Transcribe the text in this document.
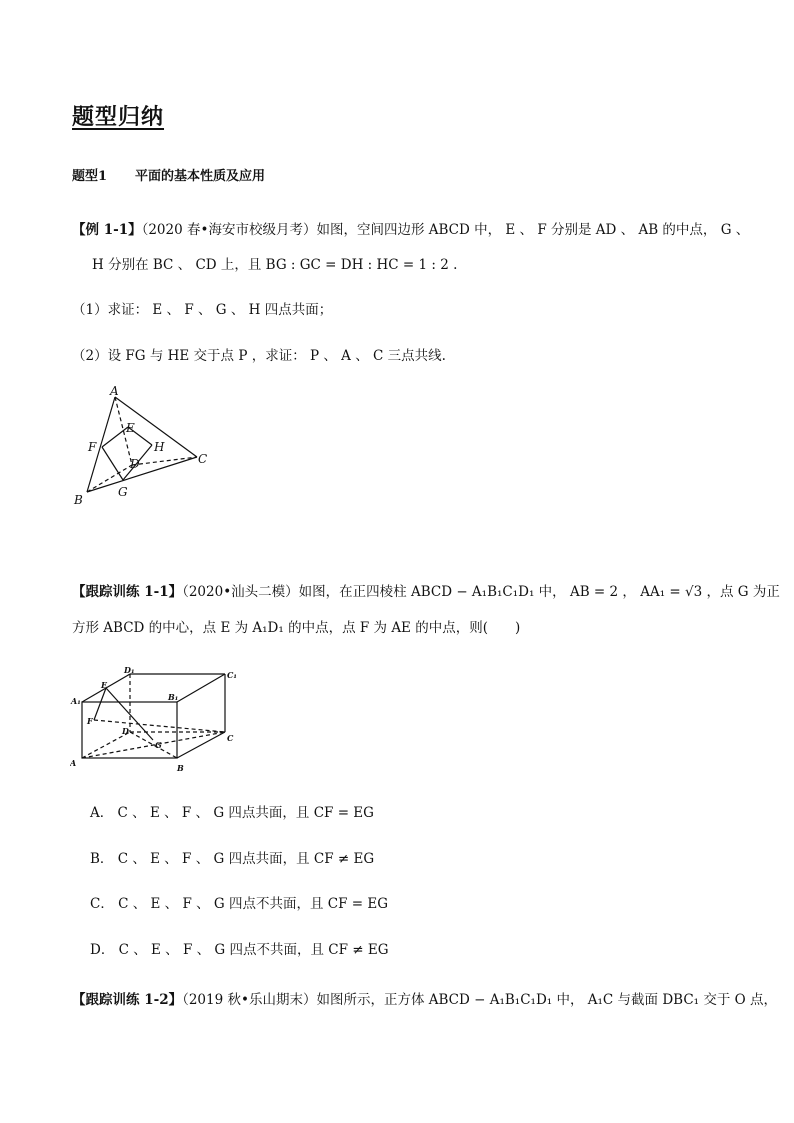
题型归纳
题型1 平面的基本性质及应用
【例 1-1】（2020 春•海安市校级月考）如图，空间四边形 ABCD 中， E 、 F 分别是 AD 、 AB 的中点， G 、
H 分别在 BC 、 CD 上，且 BG : GC = DH : HC = 1 : 2 .
（1）求证： E 、 F 、 G 、 H 四点共面；
（2）设 FG 与 HE 交于点 P ，求证： P 、 A 、 C 三点共线.
A
B
C
D
E
F
G
H
【跟踪训练 1-1】（2020•汕头二模）如图，在正四棱柱 ABCD − A₁B₁C₁D₁ 中， AB = 2 ， AA₁ = √3 ，点 G 为正
方形 ABCD 的中心，点 E 为 A₁D₁ 的中点，点 F 为 AE 的中点，则(　　)
A₁
A	B
B₁
C
C₁
D
D₁
E
F
G
A． C 、 E 、 F 、 G 四点共面，且 CF = EG
B． C 、 E 、 F 、 G 四点共面，且 CF ≠ EG
C． C 、 E 、 F 、 G 四点不共面，且 CF = EG
D． C 、 E 、 F 、 G 四点不共面，且 CF ≠ EG
【跟踪训练 1-2】（2019 秋•乐山期末）如图所示，正方体 ABCD − A₁B₁C₁D₁ 中， A₁C 与截面 DBC₁ 交于 O 点，
